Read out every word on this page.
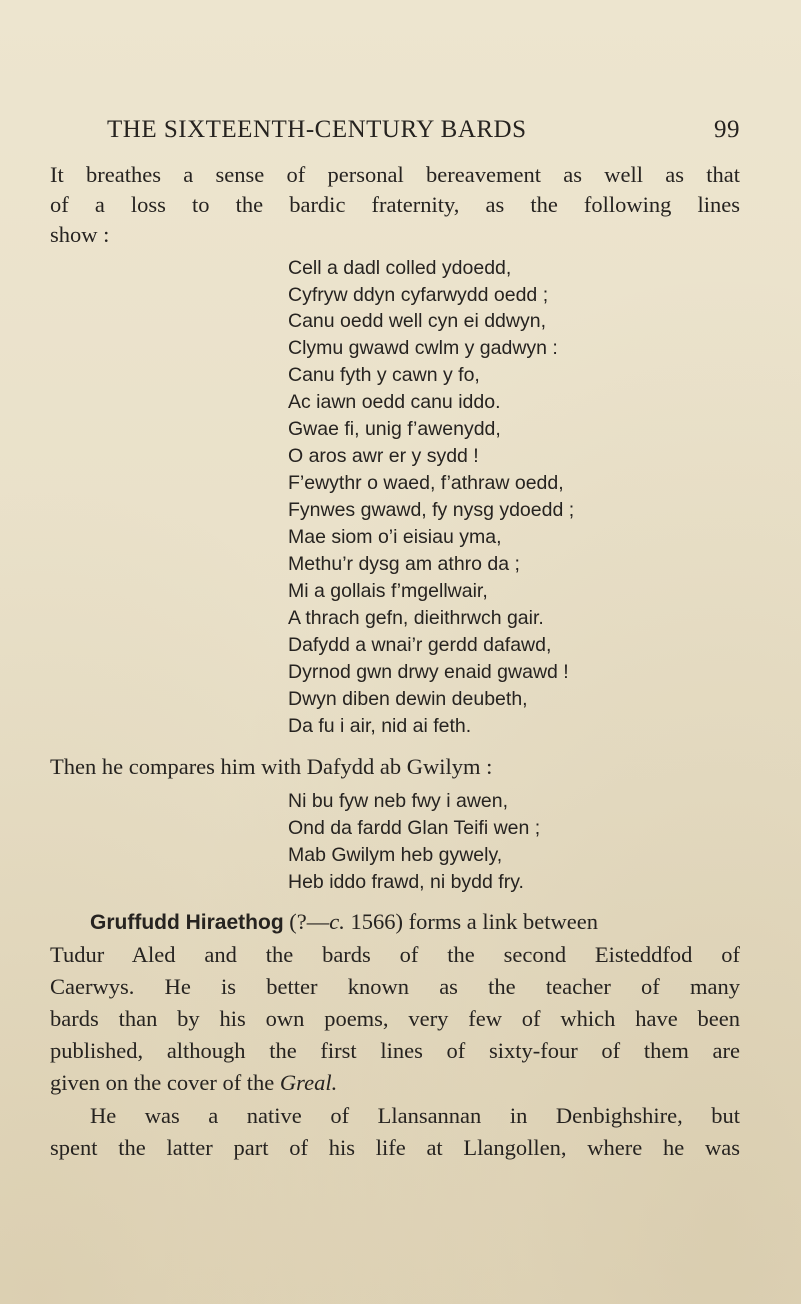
THE SIXTEENTH-CENTURY BARDS	99
It breathes a sense of personal bereavement as well as that
of a loss to the bardic fraternity, as the following lines
show :
Cell a dadl colled ydoedd,
Cyfryw ddyn cyfarwydd oedd ;
Canu oedd well cyn ei ddwyn,
Clymu gwawd cwlm y gadwyn :
Canu fyth y cawn y fo,
Ac iawn oedd canu iddo.
Gwae fi, unig f’awenydd,
O aros awr er y sydd !
F’ewythr o waed, f’athraw oedd,
Fynwes gwawd, fy nysg ydoedd ;
Mae siom o’i eisiau yma,
Methu’r dysg am athro da ;
Mi a gollais f’mgellwair,
A thrach gefn, dieithrwch gair.
Dafydd a wnai’r gerdd dafawd,
Dyrnod gwn drwy enaid gwawd !
Dwyn diben dewin deubeth,
Da fu i air, nid ai feth.
Then he compares him with Dafydd ab Gwilym :
Ni bu fyw neb fwy i awen,
Ond da fardd Glan Teifi wen ;
Mab Gwilym heb gywely,
Heb iddo frawd, ni bydd fry.
Gruffudd Hiraethog (?—c. 1566) forms a link between
Tudur Aled and the bards of the second Eisteddfod of
Caerwys. He is better known as the teacher of many
bards than by his own poems, very few of which have been
published, although the first lines of sixty-four of them are
given on the cover of the Greal.
He was a native of Llansannan in Denbighshire, but
spent the latter part of his life at Llangollen, where he was
